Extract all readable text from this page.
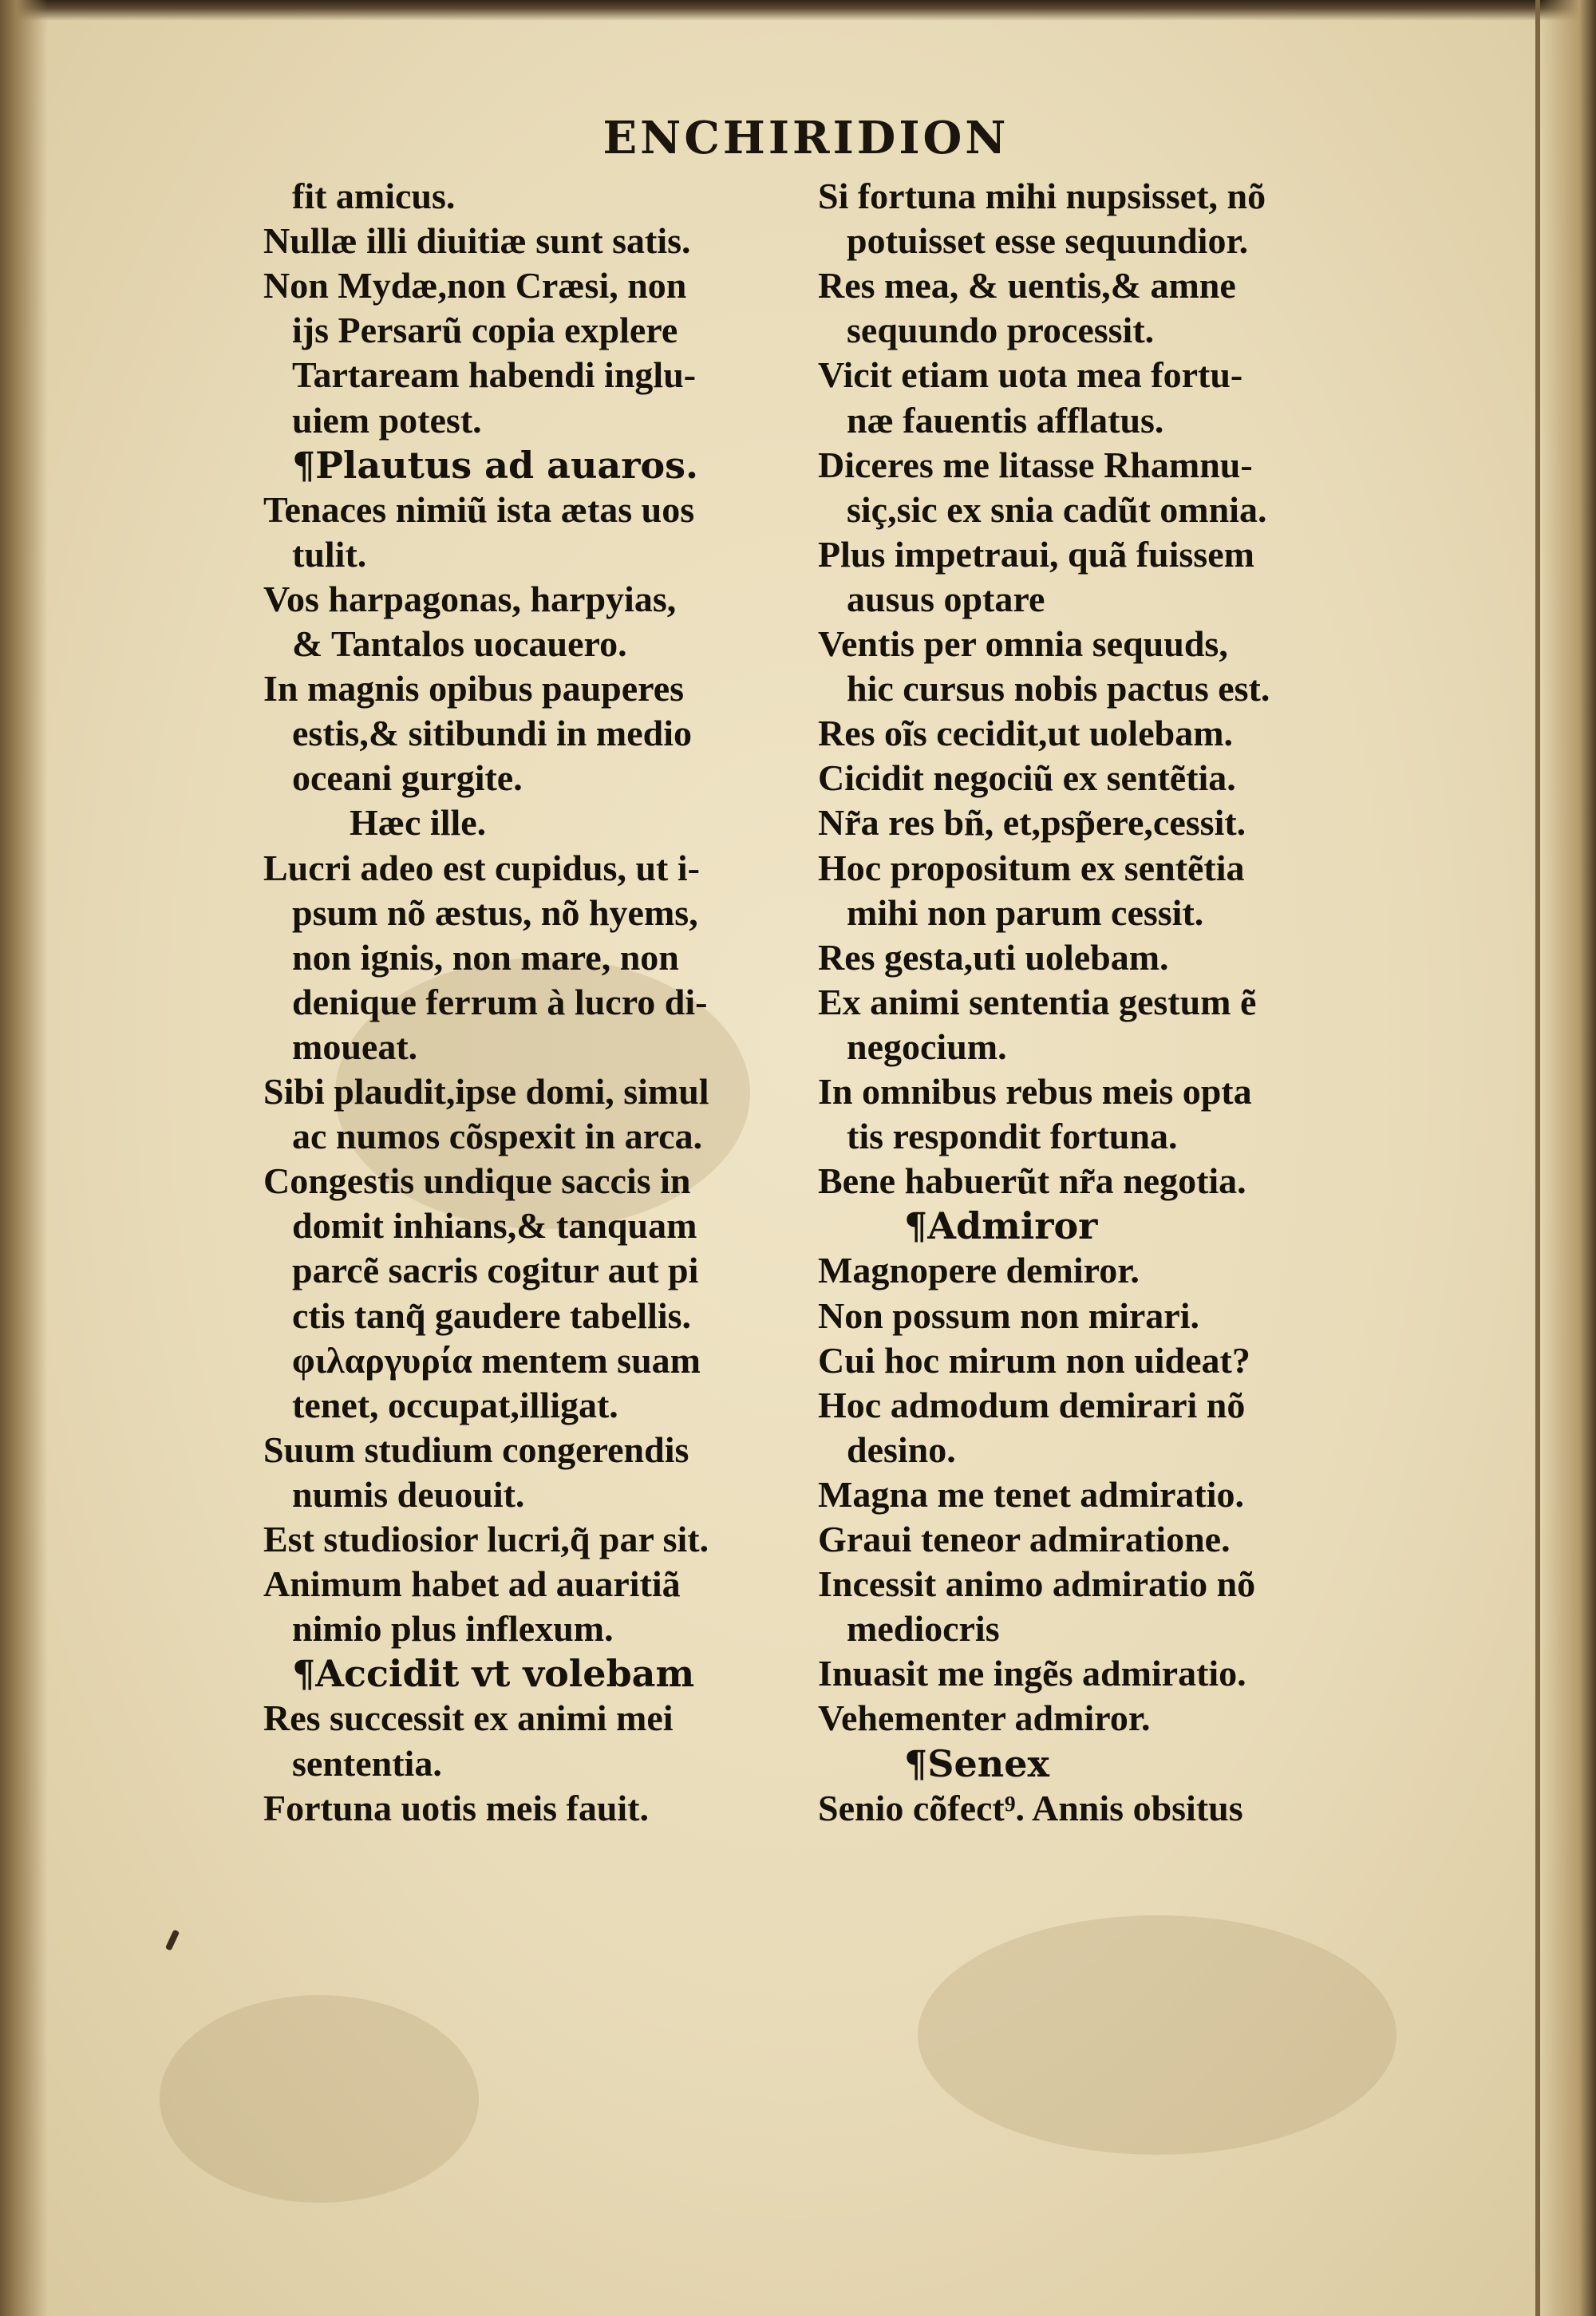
ENCHIRIDION
fit amicus.
Nullæ illi diuitiæ sunt satis.
Non Mydæ,non Cræsi, non
ijs Persarũ copia explere
Tartaream habendi inglu-
uiem potest.
¶Plautus ad auaros.
Tenaces nimiũ ista ætas uos
tulit.
Vos harpagonas, harpyias,
& Tantalos uocauero.
In magnis opibus pauperes
estis,& sitibundi in medio
oceani gurgite.
Hæc ille.
Lucri adeo est cupidus, ut i-
psum nõ æstus, nõ hyems,
non ignis, non mare, non
denique ferrum à lucro di-
moueat.
Sibi plaudit,ipse domi, simul
ac numos cõspexit in arca.
Congestis undique saccis in
domit inhians,& tanquam
parcẽ sacris cogitur aut pi
ctis tanq̃ gaudere tabellis.
φιλαργυρία mentem suam
tenet, occupat,illigat.
Suum studium congerendis
numis deuouit.
Est studiosior lucri,q̃ par sit.
Animum habet ad auaritiã
nimio plus inflexum.
¶Accidit vt volebam
Res successit ex animi mei
sententia.
Fortuna uotis meis fauit.
Si fortuna mihi nupsisset, nõ
potuisset esse sequundior.
Res mea, & uentis,& amne
sequundo processit.
Vicit etiam uota mea fortu-
næ fauentis afflatus.
Diceres me litasse Rhamnu-
siç,sic ex snia cadũt omnia.
Plus impetraui, quã fuissem
ausus optare
Ventis per omnia sequuds,
hic cursus nobis pactus est.
Res oĩs cecidit,ut uolebam.
Cicidit negociũ ex sentẽtia.
Nr̃a res bñ, et,psp̃ere,cessit.
Hoc propositum ex sentẽtia
mihi non parum cessit.
Res gesta,uti uolebam.
Ex animi sententia gestum ẽ
negocium.
In omnibus rebus meis opta
tis respondit fortuna.
Bene habuerũt nr̃a negotia.
¶Admiror
Magnopere demiror.
Non possum non mirari.
Cui hoc mirum non uideat?
Hoc admodum demirari nõ
desino.
Magna me tenet admiratio.
Graui teneor admiratione.
Incessit animo admiratio nõ
mediocris
Inuasit me ingẽs admiratio.
Vehementer admiror.
¶Senex
Senio cõfect⁹. Annis obsitus
